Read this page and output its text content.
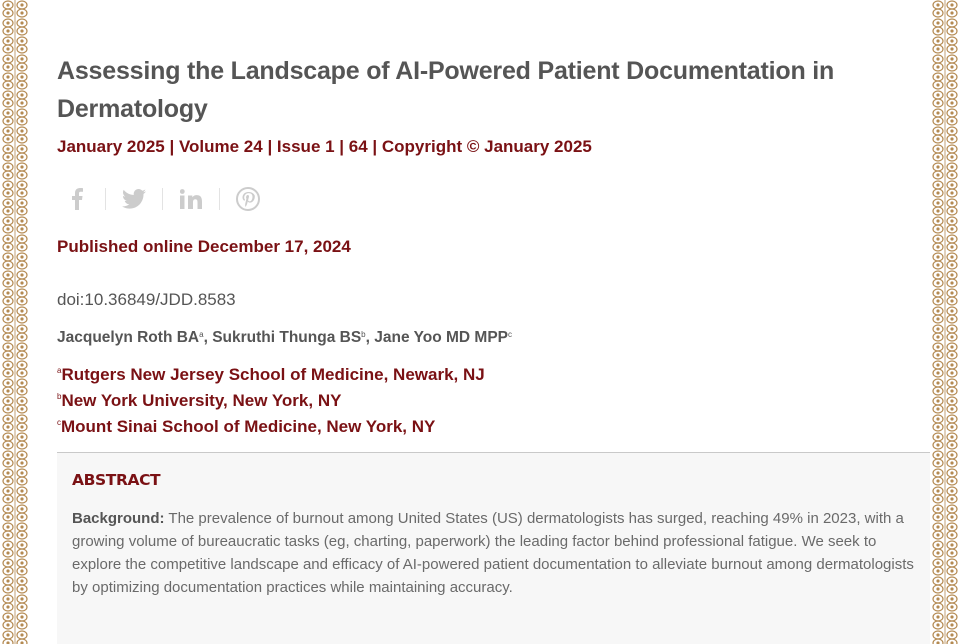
Assessing the Landscape of AI-Powered Patient Documentation in Dermatology
January 2025 | Volume 24 | Issue 1 | 64 | Copyright © January 2025
Published online December 17, 2024
doi:10.36849/JDD.8583
Jacquelyn Roth $BA^a$, Sukruthi Thunga $BS^b$, Jane Yoo MD MPP$^c$
$^a$Rutgers New Jersey School of Medicine, Newark, NJ
$^b$New York University, New York, NY
$^c$Mount Sinai School of Medicine, New York, NY
ABSTRACT
Background: The prevalence of burnout among United States (US) dermatologists has surged, reaching 49% in 2023, with a growing volume of bureaucratic tasks (eg, charting, paperwork) the leading factor behind professional fatigue. We seek to explore the competitive landscape and efficacy of AI-powered patient documentation to alleviate burnout among dermatologists by optimizing documentation practices while maintaining accuracy.
